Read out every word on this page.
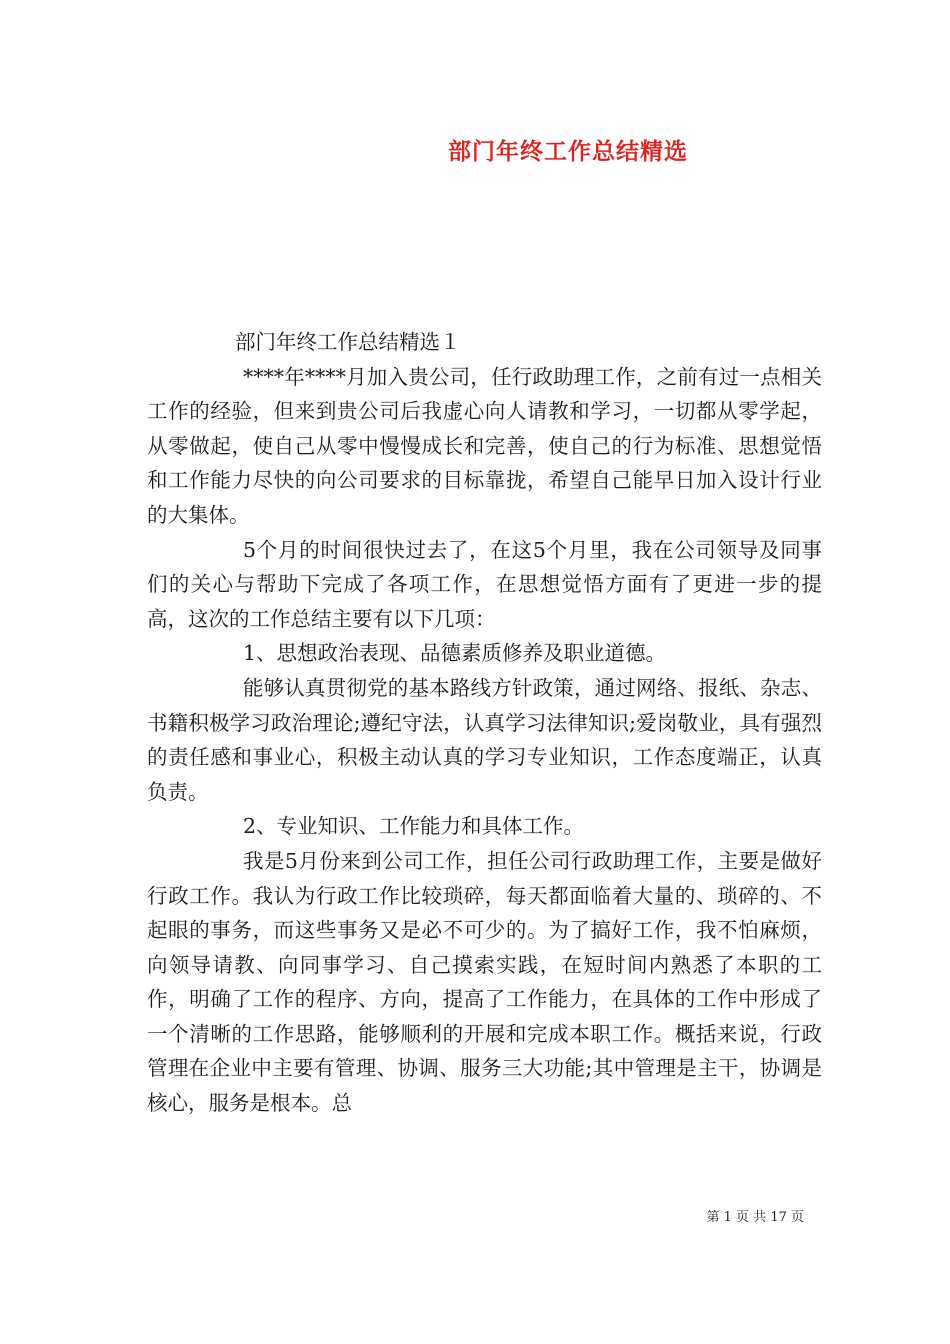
部门年终工作总结精选

部门年终工作总结精选１

****年****月加入贵公司，任行政助理工作，之前有过一点相关工作的经验，但来到贵公司后我虚心向人请教和学习，一切都从零学起，从零做起，使自己从零中慢慢成长和完善，使自己的行为标准、思想觉悟和工作能力尽快的向公司要求的目标靠拢，希望自己能早日加入设计行业的大集体。

5个月的时间很快过去了，在这5个月里，我在公司领导及同事们的关心与帮助下完成了各项工作，在思想觉悟方面有了更进一步的提高，这次的工作总结主要有以下几项：

1、思想政治表现、品德素质修养及职业道德。

能够认真贯彻党的基本路线方针政策，通过网络、报纸、杂志、书籍积极学习政治理论;遵纪守法，认真学习法律知识;爱岗敬业，具有强烈的责任感和事业心，积极主动认真的学习专业知识，工作态度端正，认真负责。

2、专业知识、工作能力和具体工作。

我是5月份来到公司工作，担任公司行政助理工作，主要是做好行政工作。我认为行政工作比较琐碎，每天都面临着大量的、琐碎的、不起眼的事务，而这些事务又是必不可少的。为了搞好工作，我不怕麻烦，向领导请教、向同事学习、自己摸索实践，在短时间内熟悉了本职的工作，明确了工作的程序、方向，提高了工作能力，在具体的工作中形成了一个清晰的工作思路，能够顺利的开展和完成本职工作。概括来说，行政管理在企业中主要有管理、协调、服务三大功能;其中管理是主干，协调是核心，服务是根本。总

第 1 页 共 17 页
